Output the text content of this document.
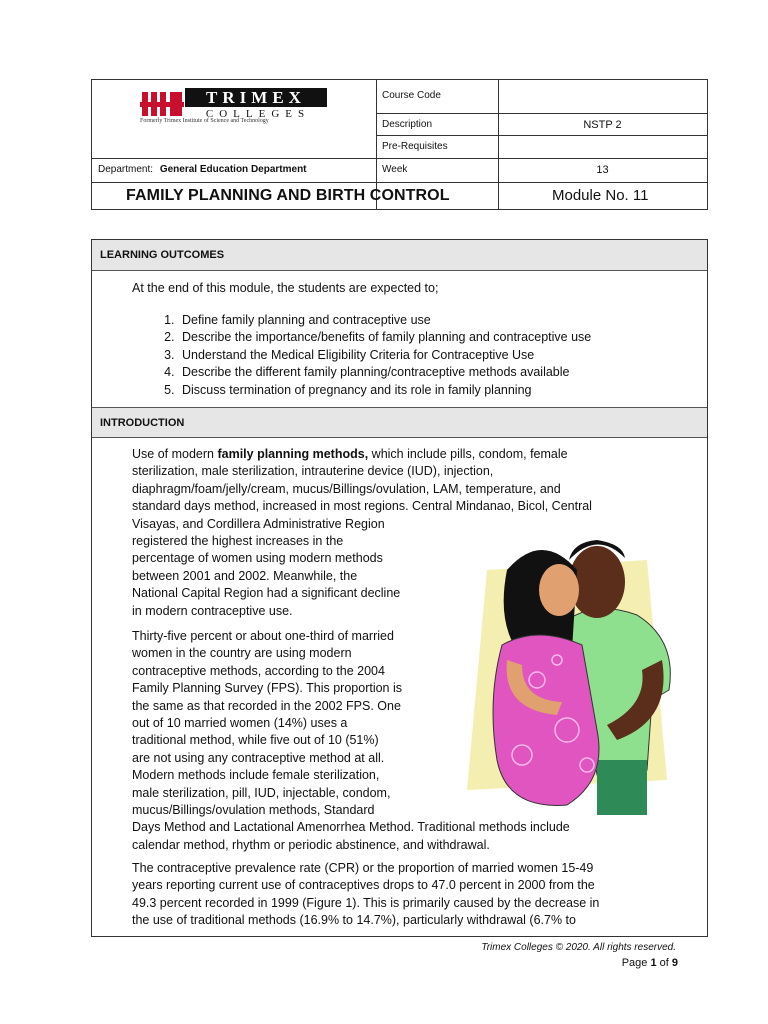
TRIMEX
COLLEGES
Formerly Trimex Institute of Science and Technology
Course Code
Description	NSTP 2
Pre-Requisites
Department: General Education Department	Week	13
FAMILY PLANNING AND BIRTH CONTROL	Module No. 11
LEARNING OUTCOMES
At the end of this module, the students are expected to;
1. Define family planning and contraceptive use
2. Describe the importance/benefits of family planning and contraceptive use
3. Understand the Medical Eligibility Criteria for Contraceptive Use
4. Describe the different family planning/contraceptive methods available
5. Discuss termination of pregnancy and its role in family planning
INTRODUCTION
Use of modern family planning methods, which include pills, condom, female
sterilization, male sterilization, intrauterine device (IUD), injection,
diaphragm/foam/jelly/cream, mucus/Billings/ovulation, LAM, temperature, and
standard days method, increased in most regions. Central Mindanao, Bicol, Central
Visayas, and Cordillera Administrative Region
registered the highest increases in the
percentage of women using modern methods
between 2001 and 2002. Meanwhile, the
National Capital Region had a significant decline
in modern contraceptive use.
Thirty-five percent or about one-third of married
women in the country are using modern
contraceptive methods, according to the 2004
Family Planning Survey (FPS). This proportion is
the same as that recorded in the 2002 FPS. One
out of 10 married women (14%) uses a
traditional method, while five out of 10 (51%)
are not using any contraceptive method at all.
Modern methods include female sterilization,
male sterilization, pill, IUD, injectable, condom,
mucus/Billings/ovulation methods, Standard
Days Method and Lactational Amenorrhea Method. Traditional methods include
calendar method, rhythm or periodic abstinence, and withdrawal.
The contraceptive prevalence rate (CPR) or the proportion of married women 15-49
years reporting current use of contraceptives drops to 47.0 percent in 2000 from the
49.3 percent recorded in 1999 (Figure 1). This is primarily caused by the decrease in
the use of traditional methods (16.9% to 14.7%), particularly withdrawal (6.7% to
Trimex Colleges © 2020. All rights reserved.
Page 1 of 9
